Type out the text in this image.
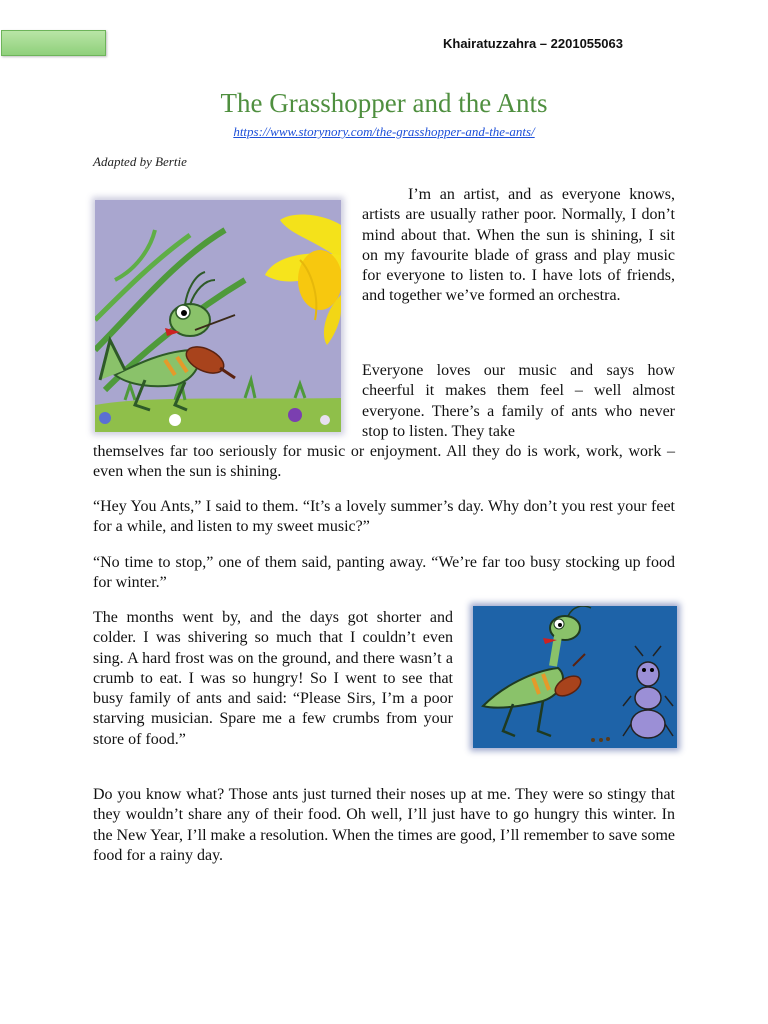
Khairatuzzahra – 2201055063
The Grasshopper and the Ants
https://www.storynory.com/the-grasshopper-and-the-ants/
Adapted by Bertie
I’m an artist, and as everyone knows, artists are usually rather poor. Normally, I don’t mind about that. When the sun is shining, I sit on my favourite blade of grass and play music for everyone to listen to. I have lots of friends, and together we’ve formed an orchestra.
Everyone loves our music and says how cheerful it makes them feel – well almost everyone. There’s a family of ants who never stop to listen. They take
themselves far too seriously for music or enjoyment. All they do is work, work, work – even when the sun is shining.
“Hey You Ants,” I said to them. “It’s a lovely summer’s day. Why don’t you rest your feet for a while, and listen to my sweet music?”
“No time to stop,” one of them said, panting away. “We’re far too busy stocking up food for winter.”
The months went by, and the days got shorter and colder. I was shivering so much that I couldn’t even sing. A hard frost was on the ground, and there wasn’t a crumb to eat. I was so hungry! So I went to see that busy family of ants and said: “Please Sirs, I’m a poor starving musician. Spare me a few crumbs from your store of food.”
Do you know what? Those ants just turned their noses up at me. They were so stingy that they wouldn’t share any of their food. Oh well, I’ll just have to go hungry this winter. In the New Year, I’ll make a resolution. When the times are good, I’ll remember to save some food for a rainy day.
